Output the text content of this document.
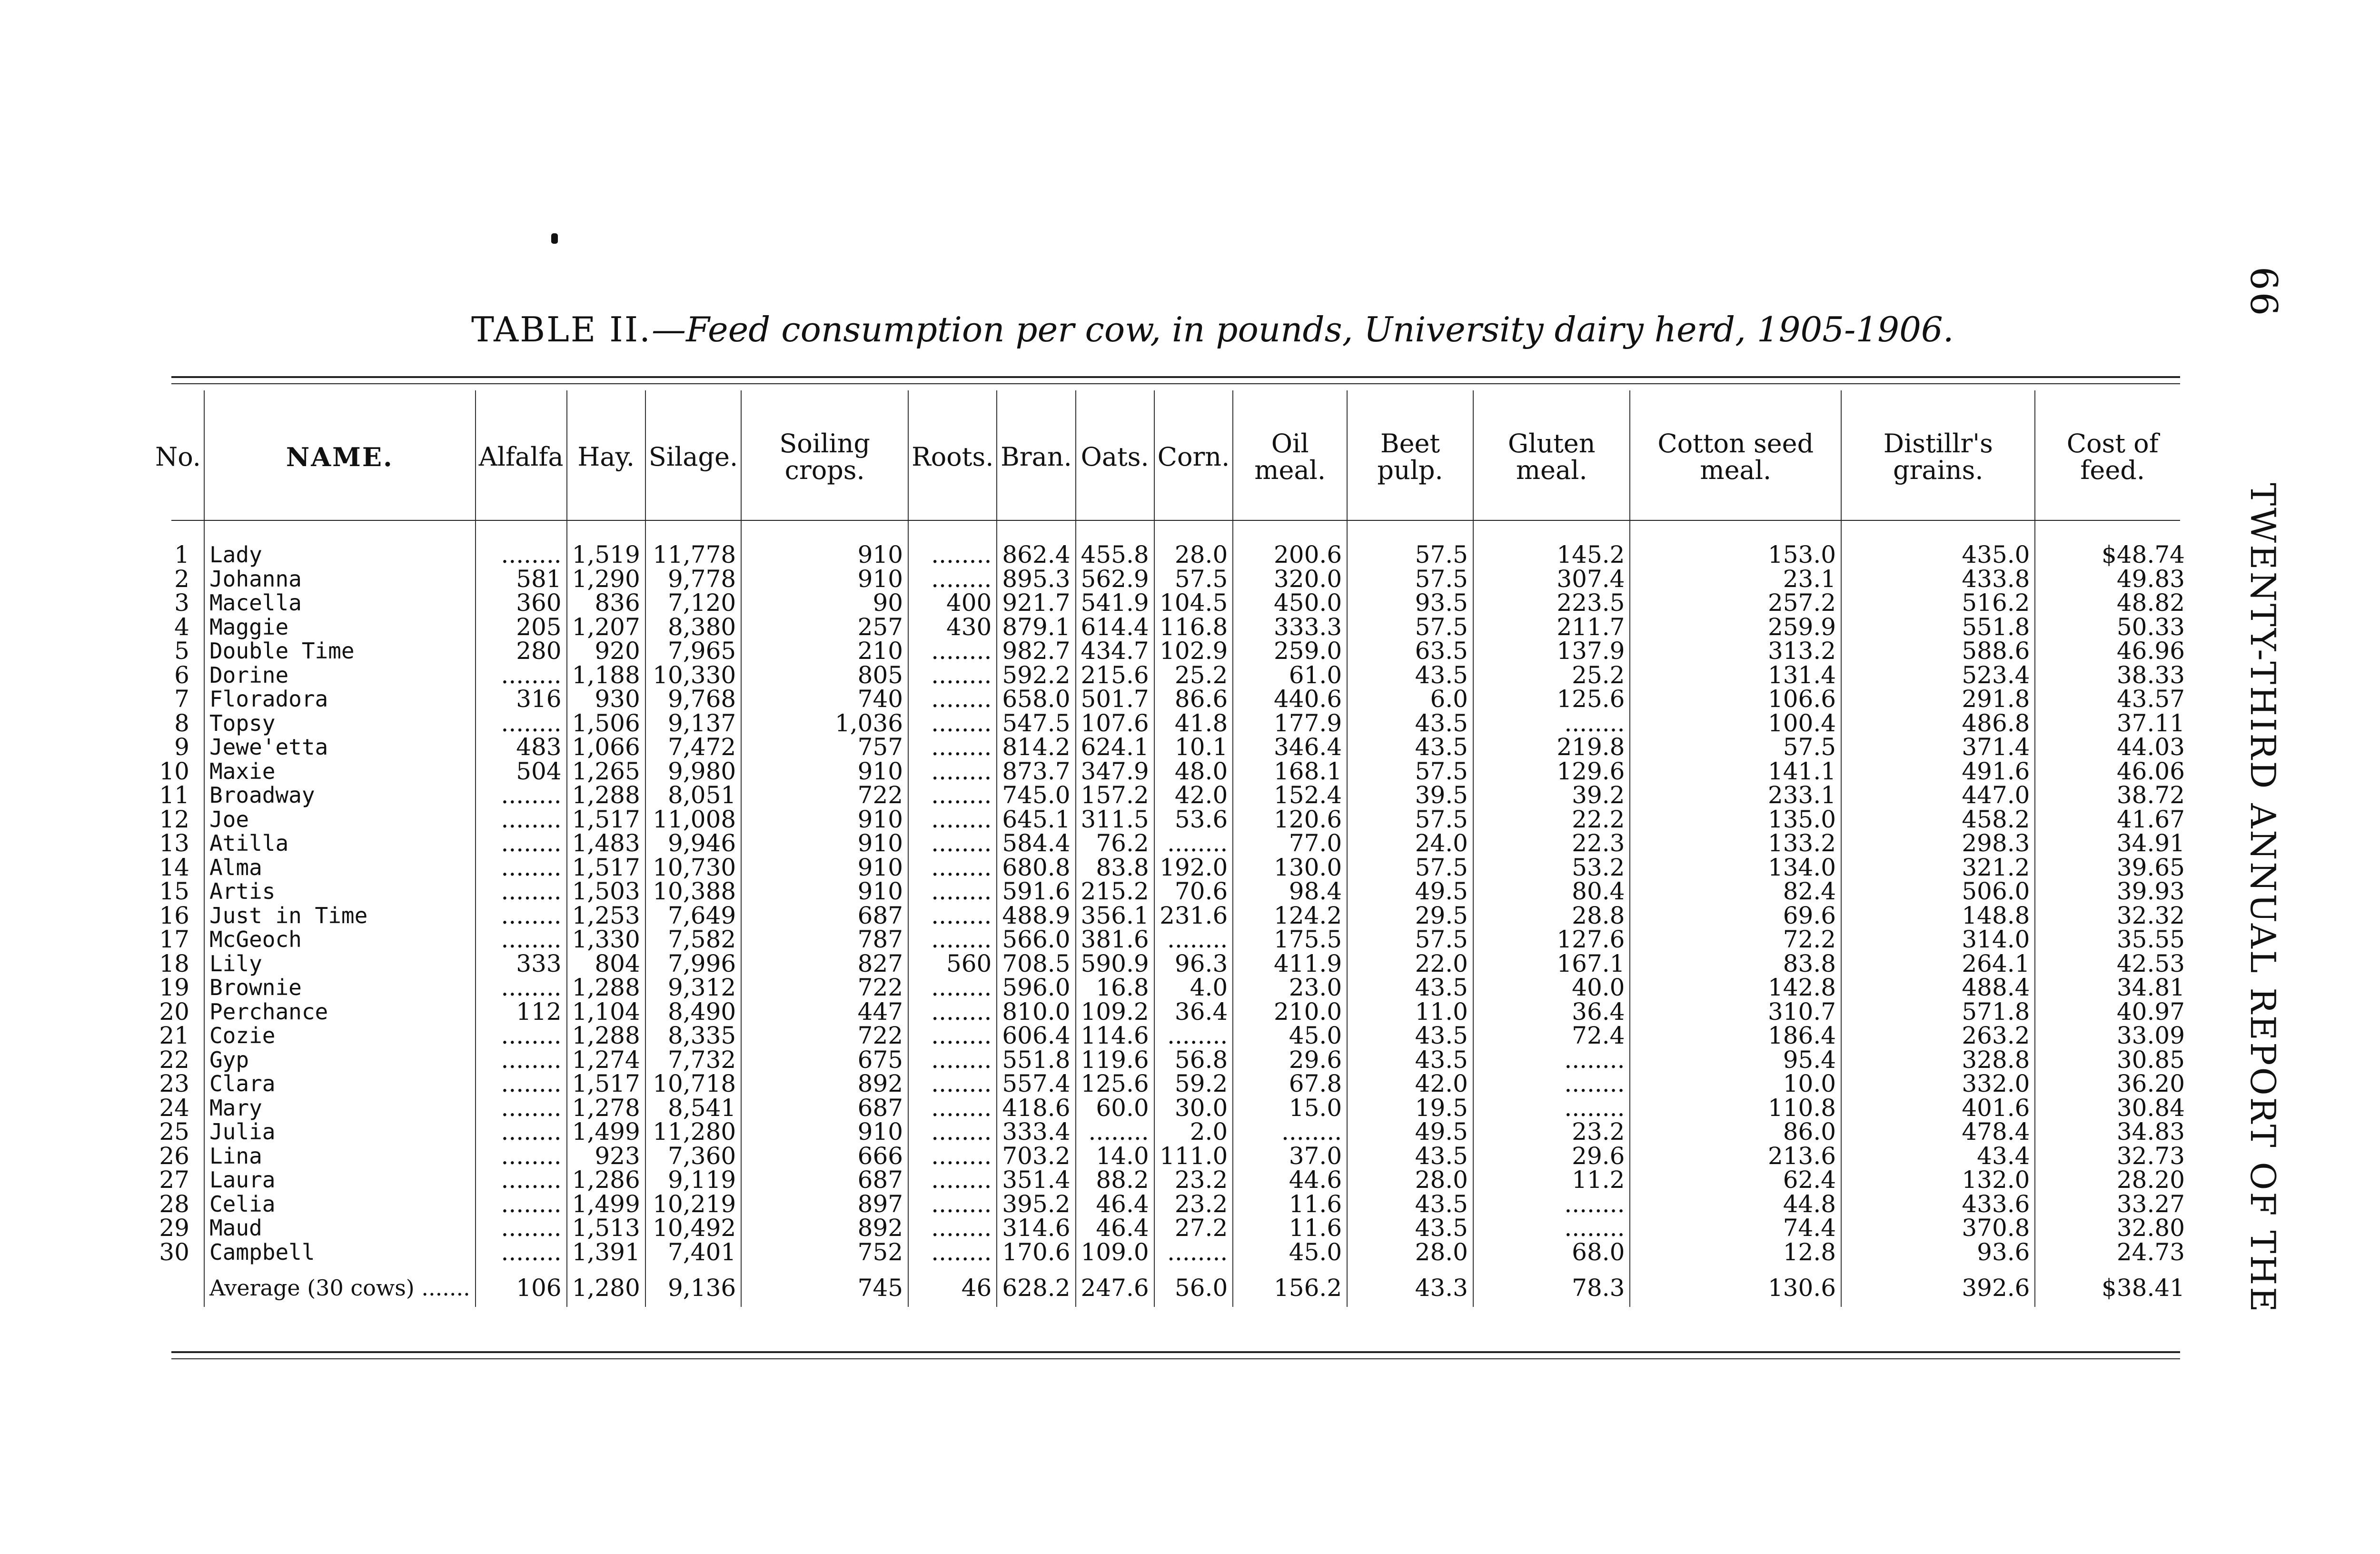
66 TWENTY-THIRD ANNUAL REPORT OF THE
TABLE II.—Feed consumption per cow, in pounds, University dairy herd, 1905-1906.
No.	NAME.	Alfalfa	Hay.	Silage.	Soiling crops.	Roots.	Bran.	Oats.	Corn.	Oil meal.	Beet pulp.	Gluten meal.	Cotton seed meal.	Distillr's grains.	Cost of feed.

1	Lady	........	1,519	11,778	910	........	862.4	455.8	28.0	200.6	57.5	145.2	153.0	435.0	$48.74
2	Johanna	581	1,290	9,778	910	........	895.3	562.9	57.5	320.0	57.5	307.4	23.1	433.8	49.83
3	Macella	360	836	7,120	90	400	921.7	541.9	104.5	450.0	93.5	223.5	257.2	516.2	48.82
4	Maggie	205	1,207	8,380	257	430	879.1	614.4	116.8	333.3	57.5	211.7	259.9	551.8	50.33
5	Double Time	280	920	7,965	210	........	982.7	434.7	102.9	259.0	63.5	137.9	313.2	588.6	46.96
6	Dorine	........	1,188	10,330	805	........	592.2	215.6	25.2	61.0	43.5	25.2	131.4	523.4	38.33
7	Floradora	316	930	9,768	740	........	658.0	501.7	86.6	440.6	6.0	125.6	106.6	291.8	43.57
8	Topsy	........	1,506	9,137	1,036	........	547.5	107.6	41.8	177.9	43.5	........	100.4	486.8	37.11
9	Jewe'etta	483	1,066	7,472	757	........	814.2	624.1	10.1	346.4	43.5	219.8	57.5	371.4	44.03
10	Maxie	504	1,265	9,980	910	........	873.7	347.9	48.0	168.1	57.5	129.6	141.1	491.6	46.06
11	Broadway	........	1,288	8,051	722	........	745.0	157.2	42.0	152.4	39.5	39.2	233.1	447.0	38.72
12	Joe	........	1,517	11,008	910	........	645.1	311.5	53.6	120.6	57.5	22.2	135.0	458.2	41.67
13	Atilla	........	1,483	9,946	910	........	584.4	76.2	........	77.0	24.0	22.3	133.2	298.3	34.91
14	Alma	........	1,517	10,730	910	........	680.8	83.8	192.0	130.0	57.5	53.2	134.0	321.2	39.65
15	Artis	........	1,503	10,388	910	........	591.6	215.2	70.6	98.4	49.5	80.4	82.4	506.0	39.93
16	Just in Time	........	1,253	7,649	687	........	488.9	356.1	231.6	124.2	29.5	28.8	69.6	148.8	32.32
17	McGeoch	........	1,330	7,582	787	........	566.0	381.6	........	175.5	57.5	127.6	72.2	314.0	35.55
18	Lily	333	804	7,996	827	560	708.5	590.9	96.3	411.9	22.0	167.1	83.8	264.1	42.53
19	Brownie	........	1,288	9,312	722	........	596.0	16.8	4.0	23.0	43.5	40.0	142.8	488.4	34.81
20	Perchance	112	1,104	8,490	447	........	810.0	109.2	36.4	210.0	11.0	36.4	310.7	571.8	40.97
21	Cozie	........	1,288	8,335	722	........	606.4	114.6	........	45.0	43.5	72.4	186.4	263.2	33.09
22	Gyp	........	1,274	7,732	675	........	551.8	119.6	56.8	29.6	43.5	........	95.4	328.8	30.85
23	Clara	........	1,517	10,718	892	........	557.4	125.6	59.2	67.8	42.0	........	10.0	332.0	36.20
24	Mary	........	1,278	8,541	687	........	418.6	60.0	30.0	15.0	19.5	........	110.8	401.6	30.84
25	Julia	........	1,499	11,280	910	........	333.4	........	2.0	........	49.5	23.2	86.0	478.4	34.83
26	Lina	........	923	7,360	666	........	703.2	14.0	111.0	37.0	43.5	29.6	213.6	43.4	32.73
27	Laura	........	1,286	9,119	687	........	351.4	88.2	23.2	44.6	28.0	11.2	62.4	132.0	28.20
28	Celia	........	1,499	10,219	897	........	395.2	46.4	23.2	11.6	43.5	........	44.8	433.6	33.27
29	Maud	........	1,513	10,492	892	........	314.6	46.4	27.2	11.6	43.5	........	74.4	370.8	32.80
30	Campbell	........	1,391	7,401	752	........	170.6	109.0	........	45.0	28.0	68.0	12.8	93.6	24.73
	Average (30 cows) .......	106	1,280	9,136	745	46	628.2	247.6	56.0	156.2	43.3	78.3	130.6	392.6	$38.41
